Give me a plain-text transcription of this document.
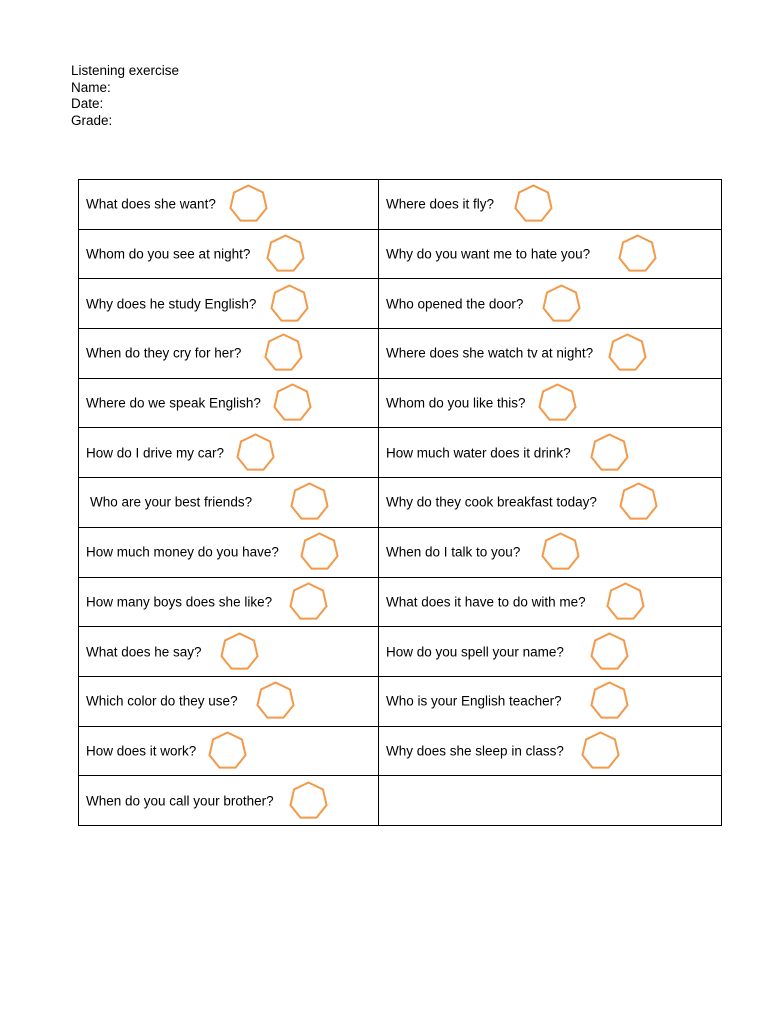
Listening exercise
Name:
Date:
Grade:
What does she want?	Where does it fly?

Whom do you see at night?	Why do you want me to hate you?

Why does he study English?	Who opened the door?

When do they cry for her?	Where does she watch tv at night?

Where do we speak English?	Whom do you like this?

How do I drive my car?	How much water does it drink?

Who are your best friends?	Why do they cook breakfast today?

How much money do you have?	When do I talk to you?

How many boys does she like?	What does it have to do with me?

What does he say?	How do you spell your name?

Which color do they use?	Who is your English teacher?

How does it work?	Why does she sleep in class?

When do you call your brother?	
